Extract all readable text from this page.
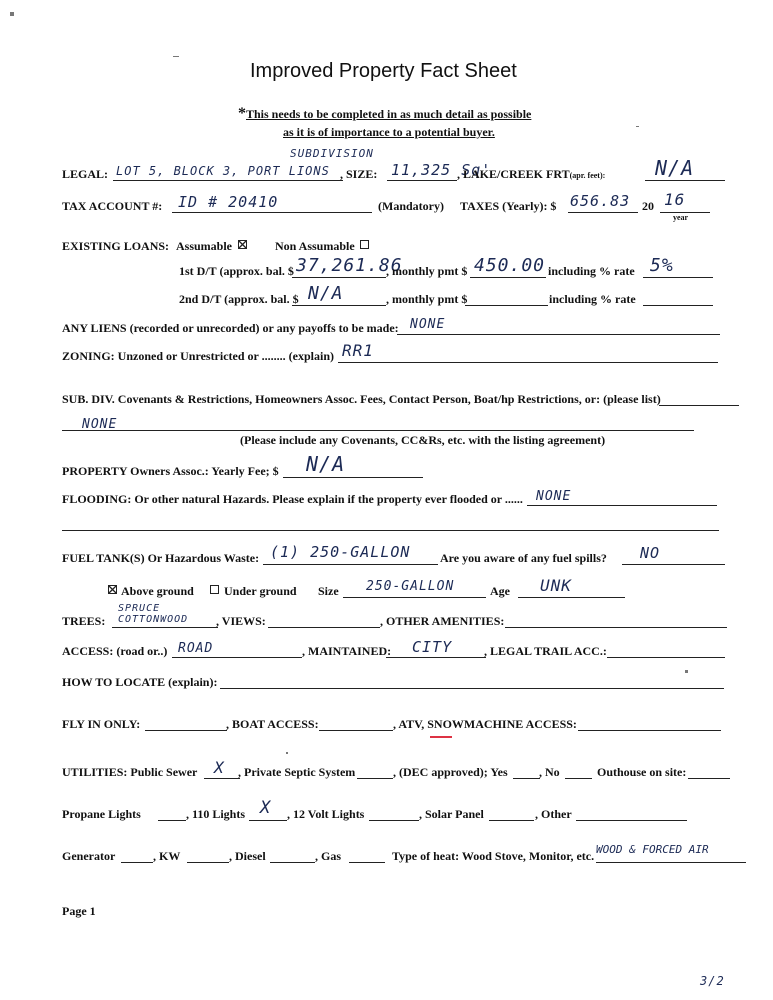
Improved Property Fact Sheet
*This needs to be completed in as much detail as possible
as it is of importance to a potential buyer.
LEGAL: LOT 5, BLOCK 3, PORT LIONS
SUBDIVISION
, SIZE: 11,325 Sq'
, LAKE/CREEK FRT(apr. feet): N/A
TAX ACCOUNT #: ID # 20410	(Mandatory) TAXES (Yearly): $ 656.83 20 16
year
EXISTING LOANS: Assumable	Non Assumable
1st D/T (approx. bal. $ 37,261.86
, monthly pmt $ 450.00 including % rate 5%
2nd D/T (approx. bal. $ N/A	, monthly pmt $	including % rate
ANY LIENS (recorded or unrecorded) or any payoffs to be made: NONE
ZONING: Unzoned or Unrestricted or ........ (explain) RR1
SUB. DIV. Covenants & Restrictions, Homeowners Assoc. Fees, Contact Person, Boat/hp Restrictions, or: (please list)
NONE
(Please include any Covenants, CC&Rs, etc. with the listing agreement)
PROPERTY Owners Assoc.: Yearly Fee; $ N/A
FLOODING: Or other natural Hazards. Please explain if the property ever flooded or ...... NONE
FUEL TANK(S) Or Hazardous Waste: (1) 250-GALLON Are you aware of any fuel spills? NO
Above ground	Under ground Size 250-GALLON	Age UNK
TREES:
SPRUCE
COTTONWOOD , VIEWS:	, OTHER AMENITIES:
ACCESS: (road or..) ROAD	, MAINTAINED: CITY	, LEGAL TRAIL ACC.:
HOW TO LOCATE (explain):
FLY IN ONLY:	, BOAT ACCESS:	, ATV, SNOWMACHINE ACCESS:
UTILITIES: Public Sewer X , Private Septic System	, (DEC approved); Yes	, No	Outhouse on site:
Propane Lights	, 110 Lights X , 12 Volt Lights	, Solar Panel	, Other
Generator	, KW	, Diesel	, Gas	Type of heat: Wood Stove, Monitor, etc. WOOD & FORCED AIR
Page 1
3/2
